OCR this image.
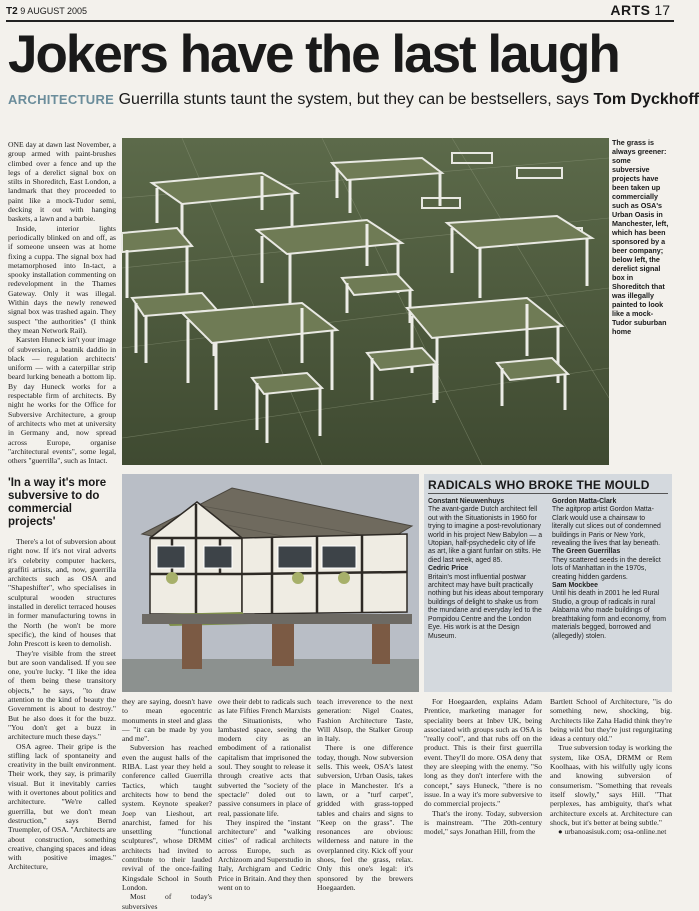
T2 9 AUGUST 2005	ARTS 17
Jokers have the last laugh
ARCHITECTURE Guerrilla stunts taunt the system, but they can be bestsellers, says Tom Dyckhoff

ONE day at dawn last November, a group armed with paint-brushes climbed over a fence and up the legs of a derelict signal box on stilts in Shoreditch, East London, a landmark that they proceeded to paint like a mock-Tudor semi, decking it out with hanging baskets, a lawn and a barbie.

Inside, interior lights periodically blinked on and off, as if someone unseen was at home fixing a cuppa. The signal box had metamorphosed into In-tact, a spooky installation commenting on redevelopment in the Thames Gateway. Only it was illegal. Within days the newly renewed signal box was trashed again. They suspect "the authorities" (I think they mean Network Rail).

Karsten Huneck isn't your image of subversion, a beatnik daddio in black — regulation architects' uniform — with a caterpillar strip beard lurking beneath a bottom lip. By day Huneck works for a respectable firm of architects. By night he works for the Office for Subversive Architecture, a group of architects who met at university in Germany and, now spread across Europe, organise "architectural events", some legal, others "guerrilla", such as Intact.

The grass is always greener: some subversive projects have been taken up commercially such as OSA's Urban Oasis in Manchester, left, which has been sponsored by a beer company; below left, the derelict signal box in Shoreditch that was illegally painted to look like a mock-Tudor suburban home
'In a way it's more subversive to do commercial projects'

There's a lot of subversion about right now. If it's not viral adverts it's celebrity computer hackers, graffiti artists, and, now, guerrilla architects such as OSA and "Shapeshifter", who specialises in sculptural wooden structures installed in derelict terraced houses in former manufacturing towns in the North (he won't be more specific), the kind of houses that John Prescott is keen to demolish.

They're visible from the street but are soon vandalised. If you see one, you're lucky. "I like the idea of them being these transitory objects," he says, "to draw attention to the kind of beauty the Government is about to destroy." But he also does it for the buzz. "You don't get a buzz in architecture much these days."

OSA agree. Their gripe is the stifling lack of spontaneity and creativity in the built environment. Their work, they say, is primarily visual. But it inevitably carries with it overtones about politics and architecture. "We're called guerrilla, but we don't mean destruction," says Bernd Truempler, of OSA. "Architects are about construction, something creative, changing spaces and ideas with positive images." Architecture,

RADICALS WHO BROKE THE MOULD
Constant Nieuwenhuys

The avant-garde Dutch architect fell out with the Situationists in 1960 for trying to imagine a post-revolutionary world in his project New Babylon — a Utopian, half-psychedelic city of life as art, like a giant funfair on stilts. He died last week, aged 85.

Cedric Price

Britain's most influential postwar architect may have built practically nothing but his ideas about temporary buildings of delight to shake us from the mundane and everyday led to the Pompidou Centre and the London Eye. His work is at the Design Museum.

Gordon Matta-Clark

The agitprop artist Gordon Matta-Clark would use a chainsaw to literally cut slices out of condemned buildings in Paris or New York, revealing the lives that lay beneath.

The Green Guerrillas

They scattered seeds in the derelict lots of Manhattan in the 1970s, creating hidden gardens.

Sam Mockbee

Until his death in 2001 he led Rural Studio, a group of radicals in rural Alabama who made buildings of breathtaking form and economy, from materials begged, borrowed and (allegedly) stolen.

they are saying, doesn't have to mean egocentric monuments in steel and glass — "it can be made by you and me".

Subversion has reached even the august halls of the RIBA. Last year they held a conference called Guerrilla Tactics, which taught architects how to bend the system. Keynote speaker? Joep van Lieshout, art anarchist, famed for his unsettling "functional sculptures", whose DRMM architects had invited to contribute to their lauded revival of the once-failing Kingsdale School in South London.

Most of today's subversives

owe their debt to radicals such as late Fifties French Marxists the Situationists, who lambasted space, seeing the modern city as an embodiment of a rationalist capitalism that imprisoned the soul. They sought to release it through creative acts that subverted the "society of the spectacle" doled out to passive consumers in place of real, passionate life.

They inspired the "instant architecture" and "walking cities" of radical architects across Europe, such as Archizoom and Superstudio in Italy, Archigram and Cedric Price in Britain. And they then went on to

teach irreverence to the next generation: Nigel Coates, Fashion Architecture Taste, Will Alsop, the Stalker Group in Italy.

There is one difference today, though. Now subversion sells. This week, OSA's latest subversion, Urban Oasis, takes place in Manchester. It's a lawn, or a "turf carpet", gridded with grass-topped tables and chairs and signs to "Keep on the grass". The resonances are obvious: wilderness and nature in the overplanned city. Kick off your shoes, feel the grass, relax. Only this one's legal: it's sponsored by the brewers Hoegaarden.

For Hoegaarden, explains Adam Prentice, marketing manager for speciality beers at Inbev UK, being associated with groups such as OSA is "really cool", and that rubs off on the product. This is their first guerrilla event. They'll do more. OSA deny that they are sleeping with the enemy. "So long as they don't interfere with the concept," says Huneck, "there is no issue. In a way it's more subversive to do commercial projects."

That's the irony. Today, subversion is mainstream. "The 20th-century model," says Jonathan Hill, from the

Bartlett School of Architecture, "is do something new, shocking, big. Architects like Zaha Hadid think they're being wild but they're just regurgitating ideas a century old."

True subversion today is working the system, like OSA, DRMM or Rem Koolhaas, with his wilfully ugly icons and knowing subversion of consumerism. "Something that reveals itself slowly," says Hill. "That perplexes, has ambiguity, that's what architecture excels at. Architecture can shock, but it's better at being subtle."

● urbanoasisuk.com; osa-online.net
